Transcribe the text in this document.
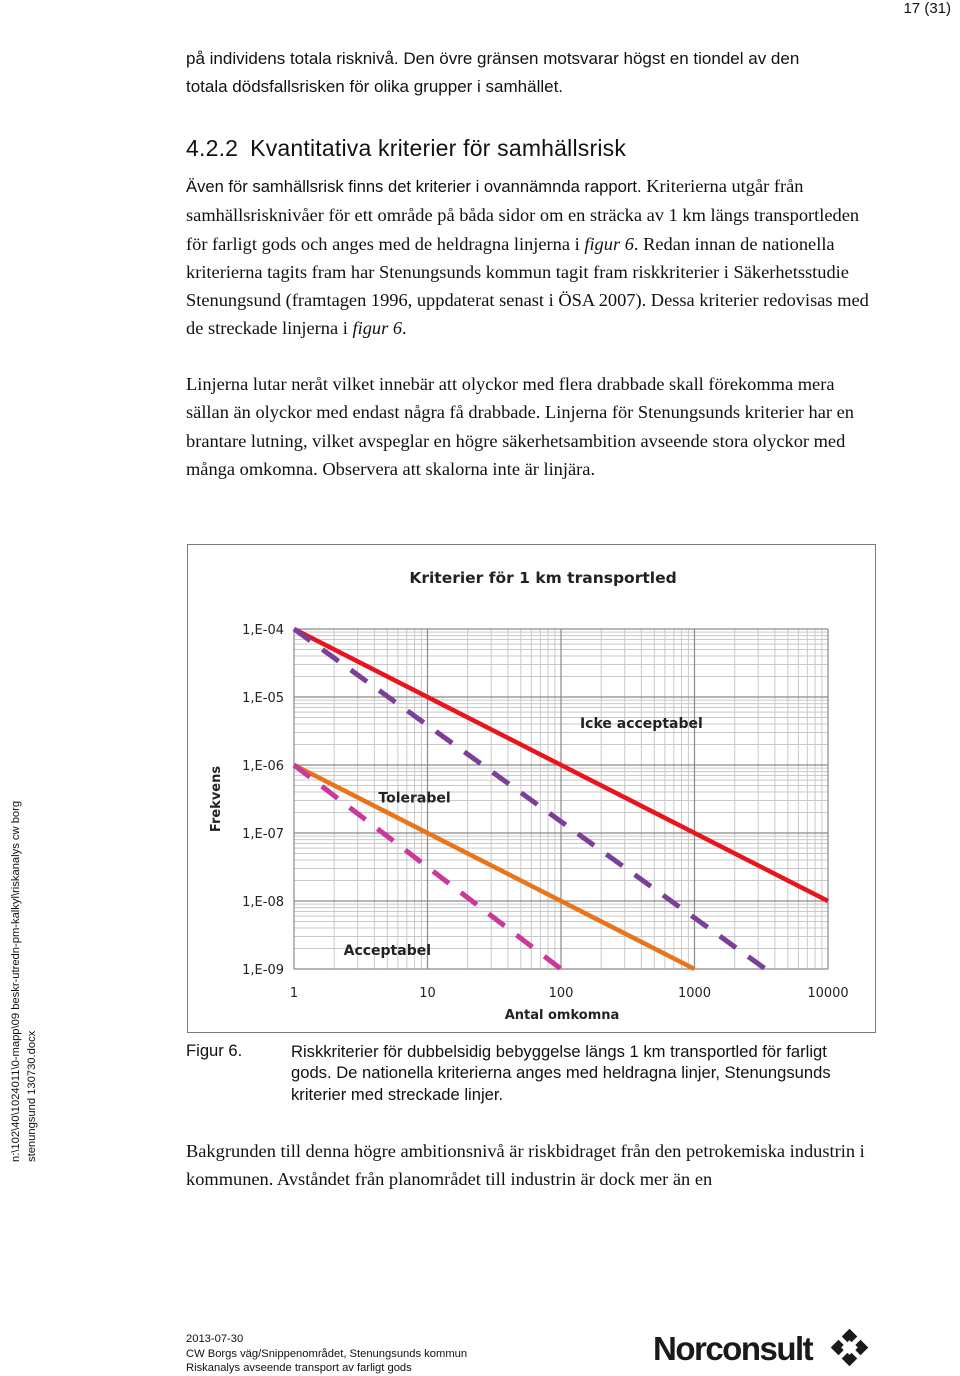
17 (31)

på individens totala risknivå. Den övre gränsen motsvarar högst en tiondel av den
totala dödsfallsrisken för olika grupper i samhället.

4.2.2 Kvantitativa kriterier för samhällsrisk

Även för samhällsrisk finns det kriterier i ovannämnda rapport. Kriterierna utgår från samhällsrisknivåer för ett område på båda sidor om en sträcka av 1 km längs transportleden för farligt gods och anges med de heldragna linjerna i figur 6. Redan innan de nationella kriterierna tagits fram har Stenungsunds kommun tagit fram riskkriterier i Säkerhetsstudie Stenungsund (framtagen 1996, uppdaterat senast i ÖSA 2007). Dessa kriterier redovisas med de streckade linjerna i figur 6.

Linjerna lutar neråt vilket innebär att olyckor med flera drabbade skall förekomma mera sällan än olyckor med endast några få drabbade. Linjerna för Stenungsunds kriterier har en brantare lutning, vilket avspeglar en högre säkerhetsambition avseende stora olyckor med många omkomna. Observera att skalorna inte är linjära.

Kriterier för 1 km transportled
1,E-04
1,E-05
1,E-06
1,E-07
1,E-08
1,E-09
1	10	100	1000	10000
Frekvens
Antal omkomna
Icke acceptabel
Tolerabel
Acceptabel
Figur 6.	Riskkriterier för dubbelsidig bebyggelse längs 1 km transportled för farligt gods. De nationella kriterierna anges med heldragna linjer, Stenungsunds kriterier med streckade linjer.

Bakgrunden till denna högre ambitionsnivå är riskbidraget från den petrokemiska industrin i kommunen. Avståndet från planområdet till industrin är dock mer än en

n:\102\40\1024011\0-mapp\09 beskr-utredn-pm-kalkyl\riskanalys cw borg stenungsund 130730.docx
2013-07-30
CW Borgs väg/Snippenområdet, Stenungsunds kommun
Riskanalys avseende transport av farligt gods
Norconsult
